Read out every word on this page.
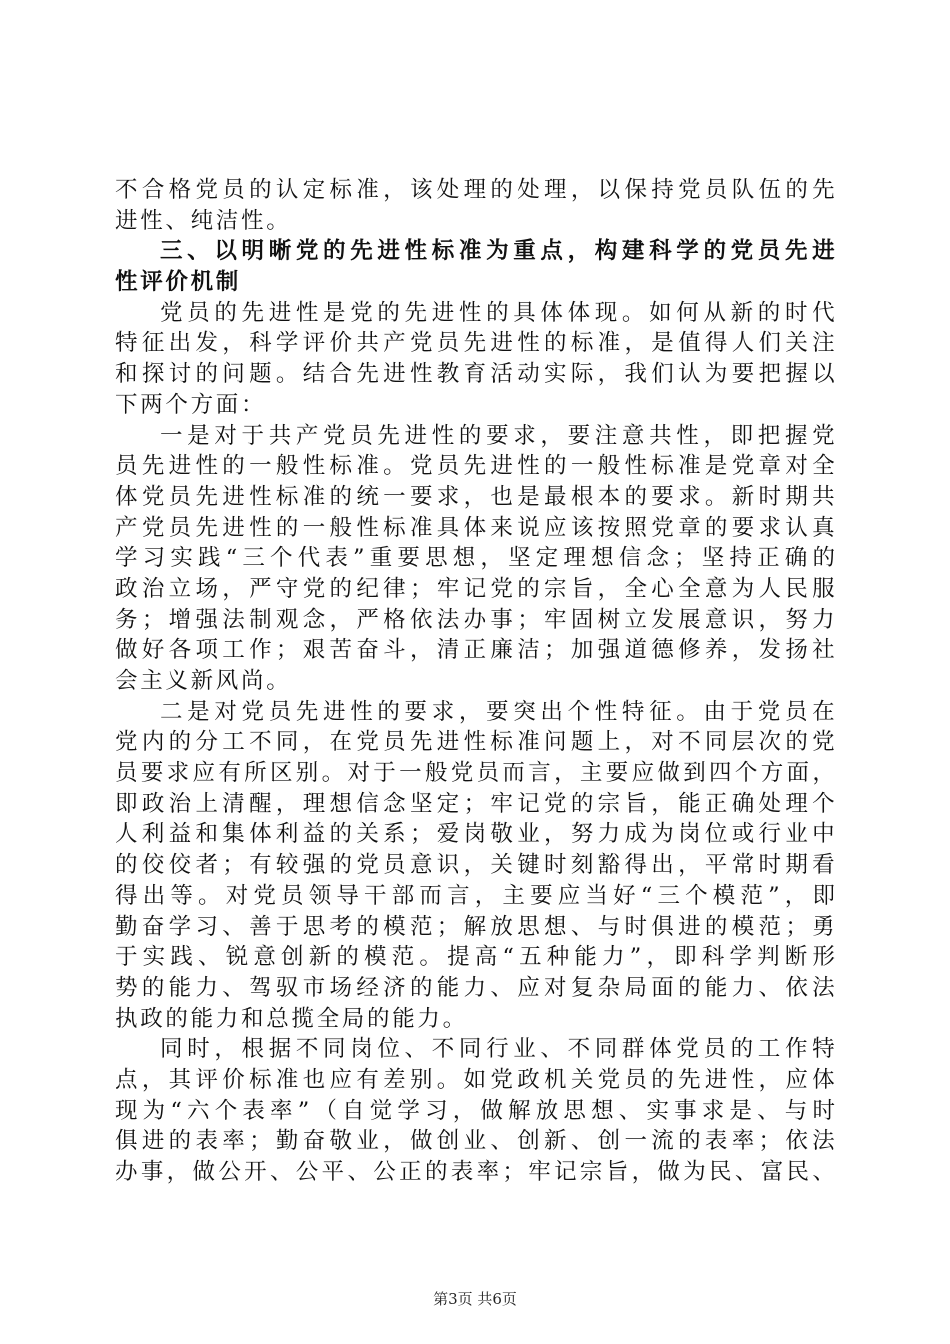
不 合 格 党 员 的 认 定 标 准 ， 该 处 理 的 处 理 ， 以 保 持 党 员 队 伍 的 先
进性、纯洁性。
三 、 以 明 晰 党 的 先 进 性 标 准 为 重 点 ， 构 建 科 学 的 党 员 先 进
性评价机制
党 员 的 先 进 性 是 党 的 先 进 性 的 具 体 体 现 。 如 何 从 新 的 时 代
特 征 出 发 ， 科 学 评 价 共 产 党 员 先 进 性 的 标 准 ， 是 值 得 人 们 关 注
和 探 讨 的 问 题 。 结 合 先 进 性 教 育 活 动 实 际 ， 我 们 认 为 要 把 握 以
下两个方面：
一 是 对 于 共 产 党 员 先 进 性 的 要 求 ， 要 注 意 共 性 ， 即 把 握 党
员 先 进 性 的 一 般 性 标 准 。 党 员 先 进 性 的 一 般 性 标 准 是 党 章 对 全
体 党 员 先 进 性 标 准 的 统 一 要 求 ， 也 是 最 根 本 的 要 求 。 新 时 期 共
产 党 员 先 进 性 的 一 般 性 标 准 具 体 来 说 应 该 按 照 党 章 的 要 求 认 真
学 习 实 践 “ 三 个 代 表 ” 重 要 思 想 ， 坚 定 理 想 信 念 ； 坚 持 正 确 的
政 治 立 场 ， 严 守 党 的 纪 律 ； 牢 记 党 的 宗 旨 ， 全 心 全 意 为 人 民 服
务 ； 增 强 法 制 观 念 ， 严 格 依 法 办 事 ； 牢 固 树 立 发 展 意 识 ， 努 力
做 好 各 项 工 作 ； 艰 苦 奋 斗 ， 清 正 廉 洁 ； 加 强 道 德 修 养 ， 发 扬 社
会主义新风尚。
二 是 对 党 员 先 进 性 的 要 求 ， 要 突 出 个 性 特 征 。 由 于 党 员 在
党 内 的 分 工 不 同 ， 在 党 员 先 进 性 标 准 问 题 上 ， 对 不 同 层 次 的 党
员 要 求 应 有 所 区 别 。 对 于 一 般 党 员 而 言 ， 主 要 应 做 到 四 个 方 面 ，
即 政 治 上 清 醒 ， 理 想 信 念 坚 定 ； 牢 记 党 的 宗 旨 ， 能 正 确 处 理 个
人 利 益 和 集 体 利 益 的 关 系 ； 爱 岗 敬 业 ， 努 力 成 为 岗 位 或 行 业 中
的 佼 佼 者 ； 有 较 强 的 党 员 意 识 ， 关 键 时 刻 豁 得 出 ， 平 常 时 期 看
得 出 等 。 对 党 员 领 导 干 部 而 言 ， 主 要 应 当 好 “ 三 个 模 范 ” ， 即
勤 奋 学 习 、 善 于 思 考 的 模 范 ； 解 放 思 想 、 与 时 俱 进 的 模 范 ； 勇
于 实 践 、 锐 意 创 新 的 模 范 。 提 高 “ 五 种 能 力 ” ， 即 科 学 判 断 形
势 的 能 力 、 驾 驭 市 场 经 济 的 能 力 、 应 对 复 杂 局 面 的 能 力 、 依 法
执政的能力和总揽全局的能力。
同 时 ， 根 据 不 同 岗 位 、 不 同 行 业 、 不 同 群 体 党 员 的 工 作 特
点 ， 其 评 价 标 准 也 应 有 差 别 。 如 党 政 机 关 党 员 的 先 进 性 ， 应 体
现 为 “ 六 个 表 率 ” （ 自 觉 学 习 ， 做 解 放 思 想 、 实 事 求 是 、 与 时
俱 进 的 表 率 ； 勤 奋 敬 业 ， 做 创 业 、 创 新 、 创 一 流 的 表 率 ； 依 法
办 事 ， 做 公 开 、 公 平 、 公 正 的 表 率 ； 牢 记 宗 旨 ， 做 为 民 、 富 民 、
第3页 共6页
